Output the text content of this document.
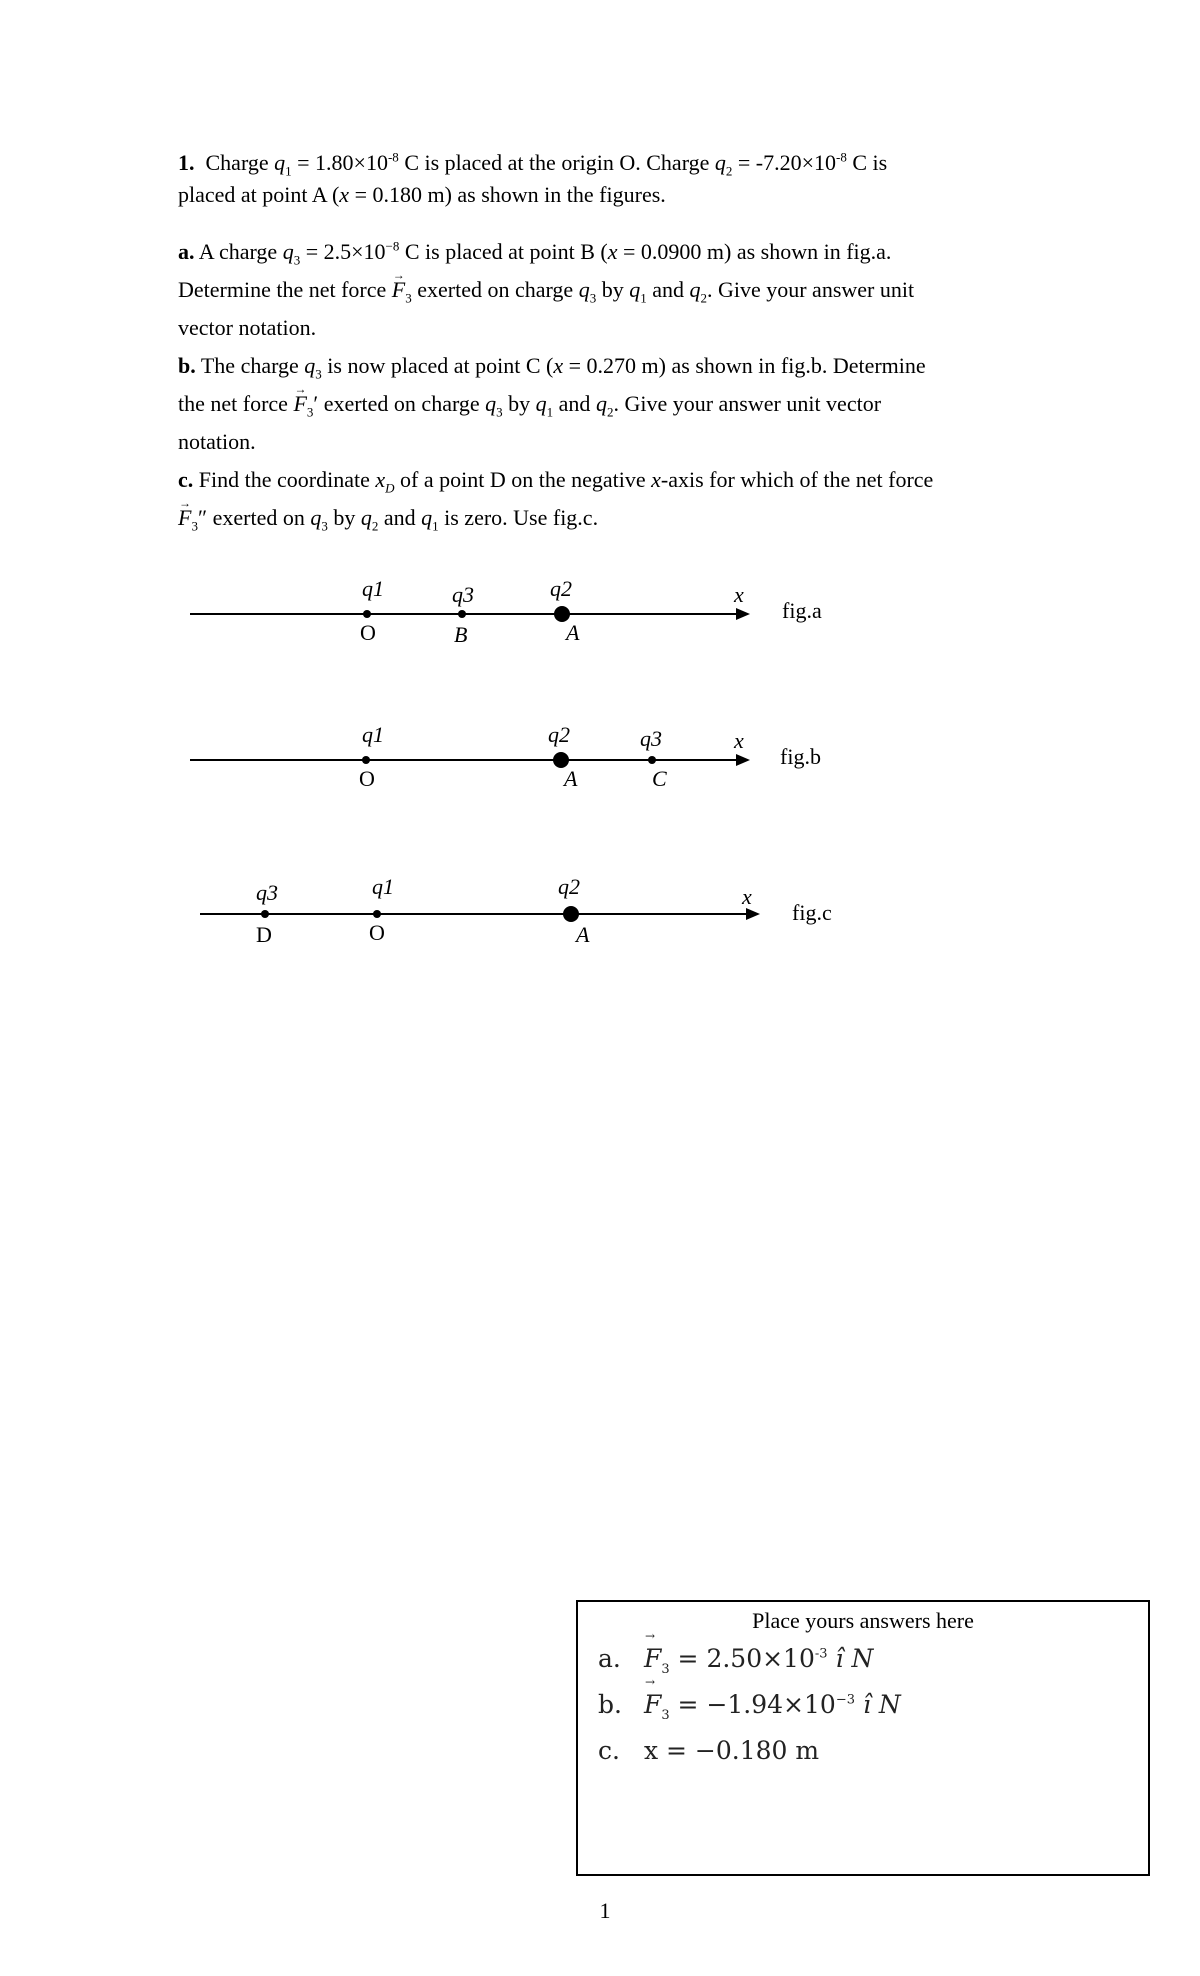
1. Charge $q_1 = 1.80\times 10^{-8}$ C is placed at the origin O. Charge $q_2 = -7.20\times 10^{-8}$ C is
placed at point A (x = 0.180 m) as shown in the figures.

a. A charge $q_3 = 2.5\times 10^{-8}$ C is placed at point B (x = 0.0900 m) as shown in fig.a.
Determine the net force → $F_3$ exerted on charge $q_3$ by $q_1$ and $q_2$. Give your answer unit
vector notation.
b. The charge $q_3$ is now placed at point C (x = 0.270 m) as shown in fig.b. Determine
the net force → $F_3'$ exerted on charge $q_3$ by $q_1$ and $q_2$. Give your answer unit vector
notation.
c. Find the coordinate $x_D$ of a point D on the negative x-axis for which of the net force
→ $F_3''$ exerted on $q_3$ by $q_2$ and $q_1$ is zero. Use fig.c.

q1	q3	q2	x
O	B	A
fig.a
q1	q2	q3	x
O	A	C
fig.b
q3	q1	q2	x
D	O	A
fig.c
Place yours answers here
a. → $F_3 = 2.50\times 10^{-3}$ î N
b. → $F_3 = -1.94\times 10^{-3}$ î N
c. x = −0.180 m
1
